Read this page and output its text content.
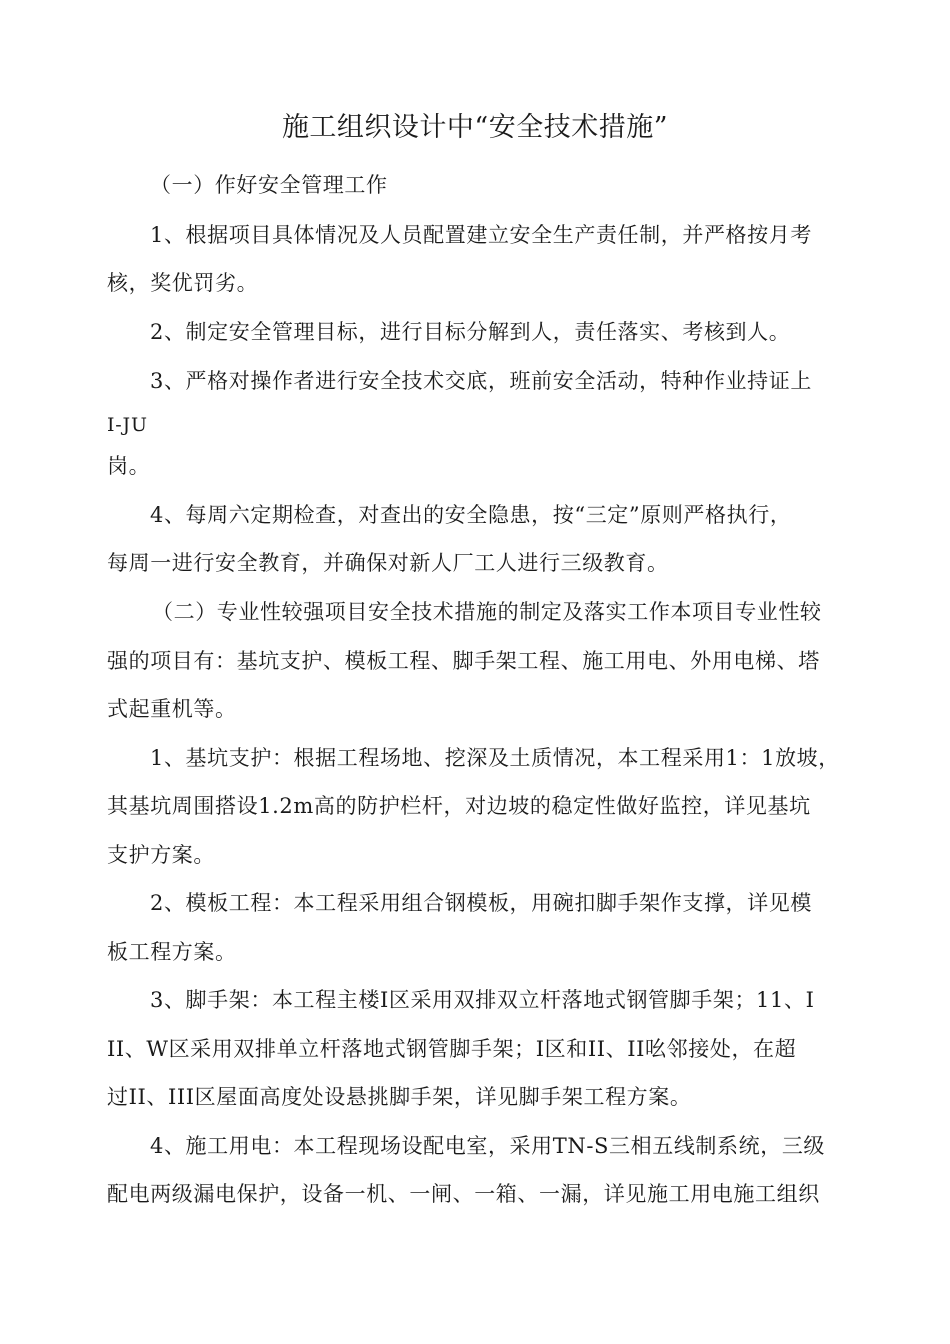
施工组织设计中“安全技术措施”
（一）作好安全管理工作
1、根据项目具体情况及人员配置建立安全生产责任制，并严格按月考
核，奖优罚劣。
2、制定安全管理目标，进行目标分解到人，责任落实、考核到人。
3、严格对操作者进行安全技术交底，班前安全活动，特种作业持证上
I-JU
岗。
4、每周六定期检查，对查出的安全隐患，按“三定”原则严格执行，
每周一进行安全教育，并确保对新人厂工人进行三级教育。
（二）专业性较强项目安全技术措施的制定及落实工作本项目专业性较
强的项目有：基坑支护、模板工程、脚手架工程、施工用电、外用电梯、塔
式起重机等。
1、基坑支护：根据工程场地、挖深及土质情况，本工程采用1：1放坡，
其基坑周围搭设1.2m高的防护栏杆，对边坡的稳定性做好监控，详见基坑
支护方案。
2、模板工程：本工程采用组合钢模板，用碗扣脚手架作支撑，详见模
板工程方案。
3、脚手架：本工程主楼I区采用双排双立杆落地式钢管脚手架；11、I
II、W区采用双排单立杆落地式钢管脚手架；I区和II、II吆邻接处，在超
过II、III区屋面高度处设悬挑脚手架，详见脚手架工程方案。
4、施工用电：本工程现场设配电室，采用TN-S三相五线制系统，三级
配电两级漏电保护，设备一机、一闸、一箱、一漏，详见施工用电施工组织
